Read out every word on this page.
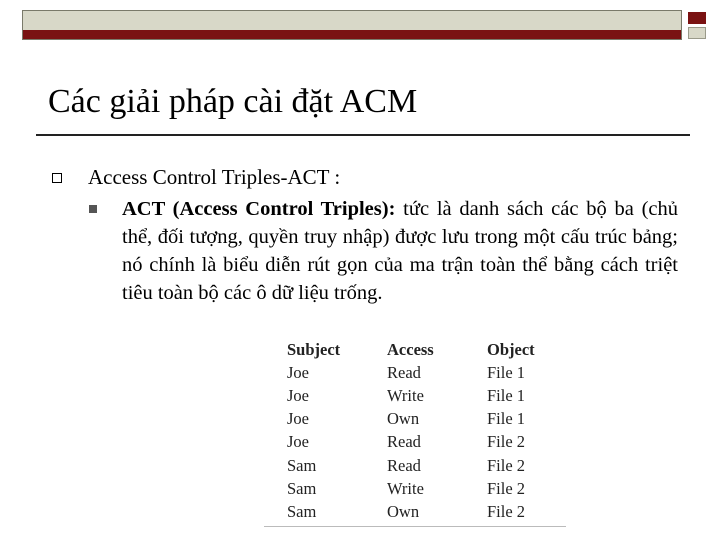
Các giải pháp cài đặt ACM
Access Control Triples-ACT :
ACT (Access Control Triples): tức là danh sách các bộ ba (chủ thể, đối tượng, quyền truy nhập) được lưu trong một cấu trúc bảng; nó chính là biểu diễn rút gọn của ma trận toàn thể bằng cách triệt tiêu toàn bộ các ô dữ liệu trống.
Subject	Access	Object
Joe	Read	File 1
Joe	Write	File 1
Joe	Own	File 1
Joe	Read	File 2
Sam	Read	File 2
Sam	Write	File 2
Sam	Own	File 2
